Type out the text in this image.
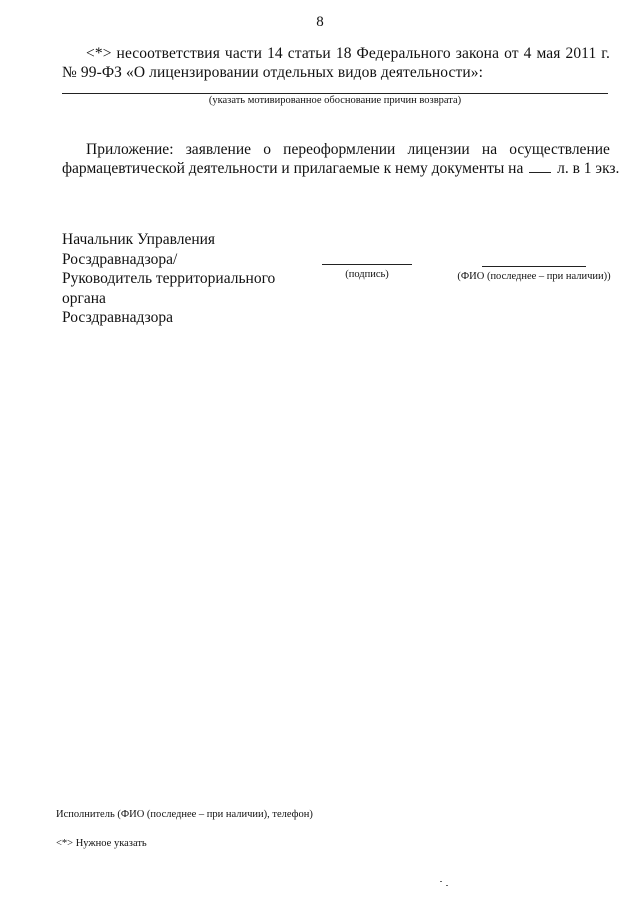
8
<*> несоответствия части 14 статьи 18 Федерального закона от 4 мая 2011 г. № 99-ФЗ «О лицензировании отдельных видов деятельности»:
(указать мотивированное обоснование причин возврата)
Приложение: заявление о переоформлении лицензии на осуществление
фармацевтической деятельности и прилагаемые к нему документы на л. в 1 экз.
Начальник Управления Росздравнадзора/
Руководитель территориального органа
Росздравнадзора
(подпись)	(ФИО (последнее – при наличии))
Исполнитель (ФИО (последнее – при наличии), телефон)
<*> Нужное указать
